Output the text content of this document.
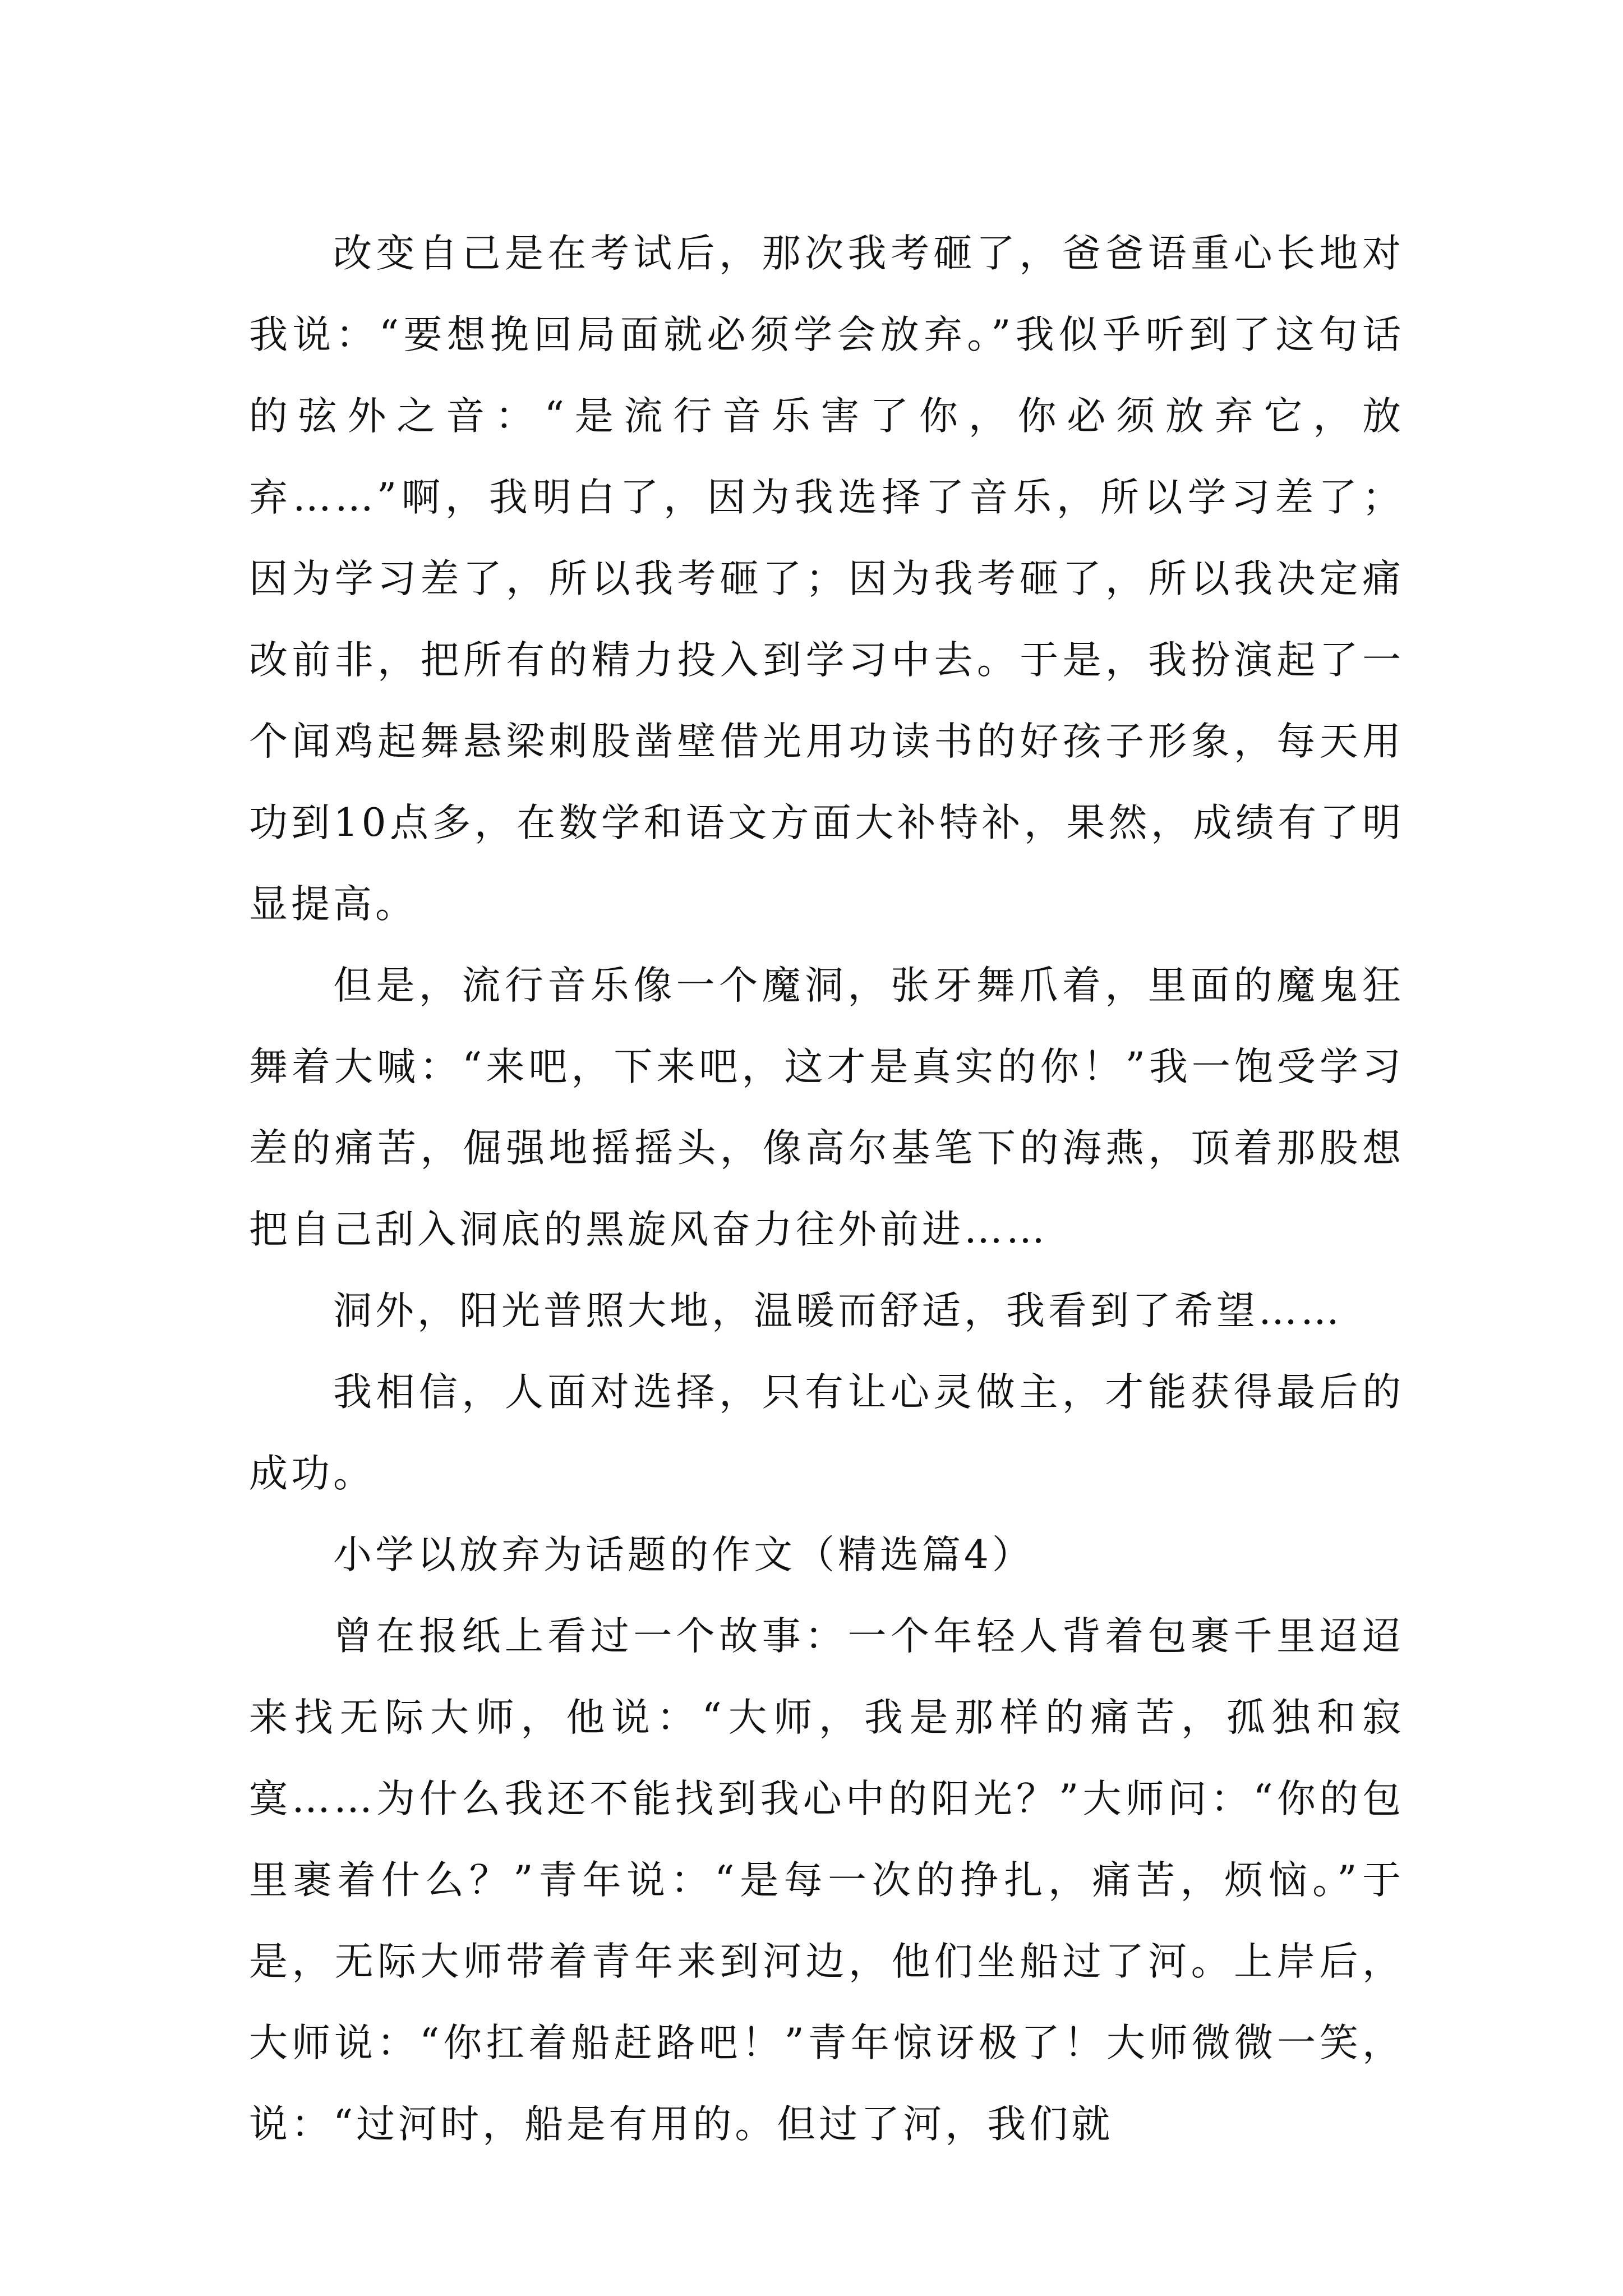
改变自己是在考试后，那次我考砸了，爸爸语重心长地对我说：“要想挽回局面就必须学会放弃。”我似乎听到了这句话的弦外之音：“是流行音乐害了你，你必须放弃它，放弃……”啊，我明白了，因为我选择了音乐，所以学习差了；因为学习差了，所以我考砸了；因为我考砸了，所以我决定痛改前非，把所有的精力投入到学习中去。于是，我扮演起了一个闻鸡起舞悬梁刺股凿壁借光用功读书的好孩子形象，每天用功到10点多，在数学和语文方面大补特补，果然，成绩有了明显提高。

但是，流行音乐像一个魔洞，张牙舞爪着，里面的魔鬼狂舞着大喊：“来吧，下来吧，这才是真实的你！”我一饱受学习差的痛苦，倔强地摇摇头，像高尔基笔下的海燕，顶着那股想把自己刮入洞底的黑旋风奋力往外前进……

洞外，阳光普照大地，温暖而舒适，我看到了希望……

我相信，人面对选择，只有让心灵做主，才能获得最后的成功。

小学以放弃为话题的作文（精选篇4）

曾在报纸上看过一个故事：一个年轻人背着包裹千里迢迢来找无际大师，他说：“大师，我是那样的痛苦，孤独和寂寞……为什么我还不能找到我心中的阳光？”大师问：“你的包里裹着什么？”青年说：“是每一次的挣扎，痛苦，烦恼。”于是，无际大师带着青年来到河边，他们坐船过了河。上岸后，大师说：“你扛着船赶路吧！”青年惊讶极了！大师微微一笑，说：“过河时，船是有用的。但过了河，我们就
